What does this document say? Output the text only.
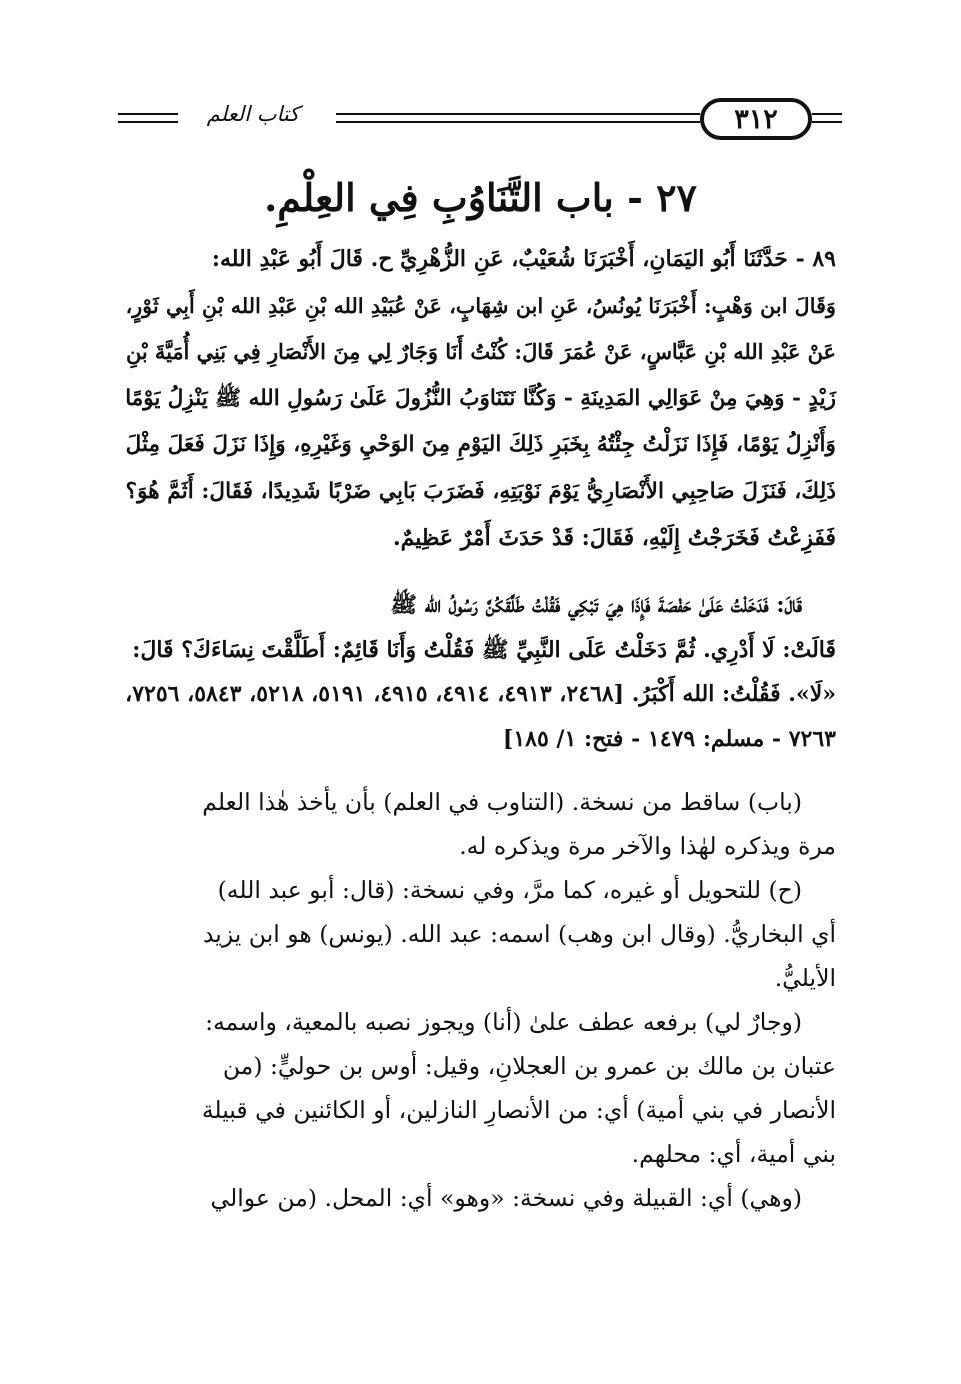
٣١٢
كتاب العلم
٢٧ - باب التَّنَاوُبِ فِي العِلْمِ.
٨٩ - حَدَّثَنَا أَبُو اليَمَانِ، أَخْبَرَنَا شُعَيْبٌ، عَنِ الزُّهْرِيِّ ح. قَالَ أَبُو عَبْدِ الله:
وَقَالَ ابن وَهْبٍ: أَخْبَرَنَا يُونُسُ، عَنِ ابن شِهَابٍ، عَنْ عُبَيْدِ الله بْنِ عَبْدِ الله بْنِ أَبِي ثَوْرٍ،
عَنْ عَبْدِ الله بْنِ عَبَّاسٍ، عَنْ عُمَرَ قَالَ: كُنْتُ أَنَا وَجَارٌ لِي مِنَ الأَنْصَارِ فِي بَنِي أُمَيَّةَ بْنِ
زَيْدٍ - وَهِيَ مِنْ عَوَالِي المَدِينَةِ - وَكُنَّا نَتَنَاوَبُ النُّزُولَ عَلَىٰ رَسُولِ الله ﷺ يَنْزِلُ يَوْمًا
وَأَنْزِلُ يَوْمًا، فَإِذَا نَزَلْتُ جِئْتُهُ بِخَبَرِ ذَلِكَ اليَوْمِ مِنَ الوَحْيِ وَغَيْرِهِ، وَإِذَا نَزَلَ فَعَلَ مِثْلَ
ذَلِكَ، فَنَزَلَ صَاحِبِي الأَنْصَارِيُّ يَوْمَ نَوْبَتِهِ، فَضَرَبَ بَابِي ضَرْبًا شَدِيدًا، فَقَالَ: أَثَمَّ هُوَ؟
فَفَزِعْتُ فَخَرَجْتُ إِلَيْهِ، فَقَالَ: قَدْ حَدَثَ أَمْرٌ عَظِيمٌ.
قَالَ: فَدَخَلْتُ عَلَىٰ حَفْصَةَ فَإِذَا هِيَ تَبْكِي فَقُلْتُ طَلَّقَكُنَّ رَسُولُ الله ﷺ
قَالَتْ: لَا أَدْرِي. ثُمَّ دَخَلْتُ عَلَى النَّبِيِّ ﷺ فَقُلْتُ وَأَنَا قَائِمٌ: أَطَلَّقْتَ نِسَاءَكَ؟ قَالَ:
«لَا». فَقُلْتُ: الله أَكْبَرُ. [٢٤٦٨، ٤٩١٣، ٤٩١٤، ٤٩١٥، ٥١٩١، ٥٢١٨، ٥٨٤٣، ٧٢٥٦،
٧٢٦٣ - مسلم: ١٤٧٩ - فتح: ١/ ١٨٥]
(باب) ساقط من نسخة. (التناوب في العلم) بأن يأخذ هٰذا العلم
مرة ويذكره لهٰذا والآخر مرة ويذكره له.
(ح) للتحويل أو غيره، كما مرَّ، وفي نسخة: (قال: أبو عبد الله)
أي البخاريُّ. (وقال ابن وهب) اسمه: عبد الله. (يونس) هو ابن يزيد
الأيليُّ.
(وجارٌ لي) برفعه عطف علىٰ (أنا) ويجوز نصبه بالمعية، واسمه:
عتبان بن مالك بن عمرو بن العجلانِ، وقيل: أوس بن حوليٍّ: (من
الأنصار في بني أمية) أي: من الأنصارِ النازلين، أو الكائنين في قبيلة
بني أمية، أي: محلهم.
(وهي) أي: القبيلة وفي نسخة: «وهو» أي: المحل. (من عوالي
